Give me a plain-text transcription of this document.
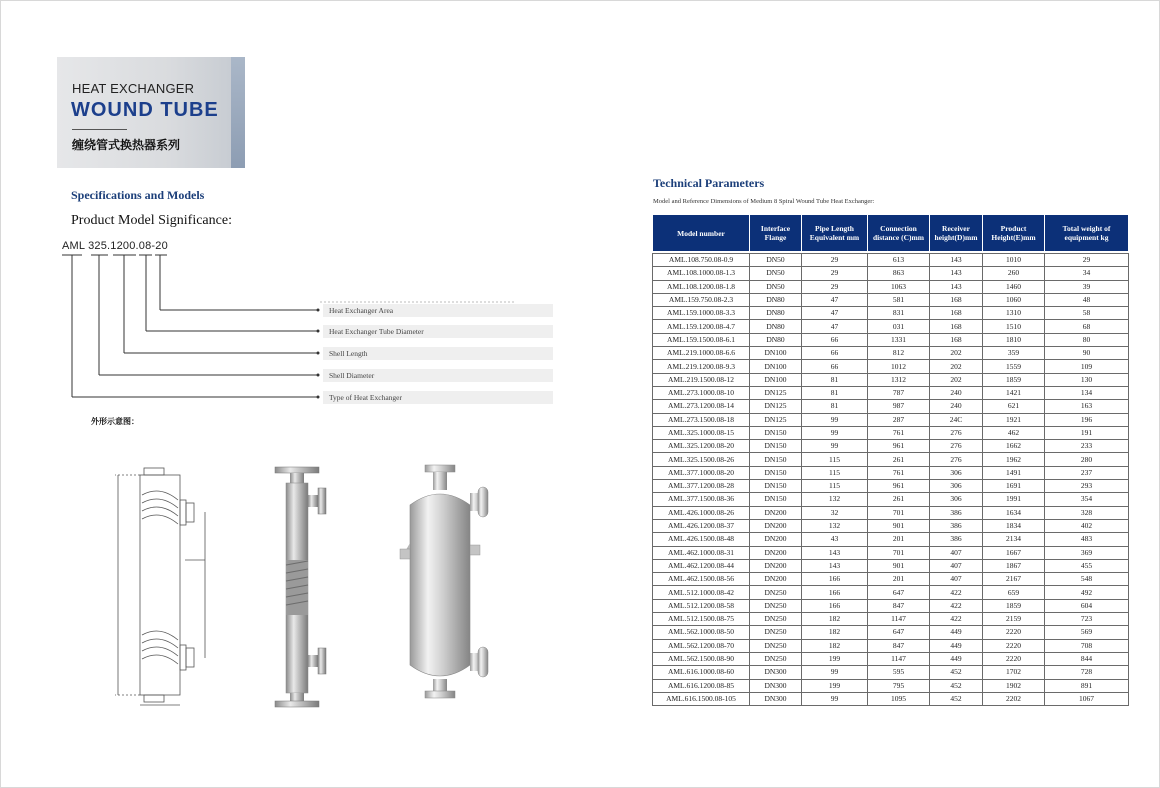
HEAT EXCHANGER
WOUND TUBE
缠绕管式换热器系列
Specifications and Models
Product Model Significance:
AML 325.1200.08-20
Heat Exchanger Area
Heat Exchanger Tube Diameter
Shell Length
Shell Diameter
Type of Heat Exchanger
外形示意图：
Technical Parameters
Model and Reference Dimensions of Medium 8 Spiral Wound Tube Heat Exchanger:
Model number	Interface Flange	Pipe Length Equivalent mm	Connection distance (C)mm	Receiver height(D)mm	Product Height(E)mm	Total weight of equipment kg

AML.108.750.08-0.9	DN50	29	613	143	1010	29
AML.108.1000.08-1.3	DN50	29	863	143	260	34
AML.108.1200.08-1.8	DN50	29	1063	143	1460	39
AML.159.750.08-2.3	DN80	47	581	168	1060	48
AML.159.1000.08-3.3	DN80	47	831	168	1310	58
AML.159.1200.08-4.7	DN80	47	031	168	1510	68
AML.159.1500.08-6.1	DN80	66	1331	168	1810	80
AML.219.1000.08-6.6	DN100	66	812	202	359	90
AML.219.1200.08-9.3	DN100	66	1012	202	1559	109
AML.219.1500.08-12	DN100	81	1312	202	1859	130
AML.273.1000.08-10	DN125	81	787	240	1421	134
AML.273.1200.08-14	DN125	81	987	240	621	163
AML.273.1500.08-18	DN125	99	287	24C	1921	196
AML.325.1000.08-15	DN150	99	761	276	462	191
AML.325.1200.08-20	DN150	99	961	276	1662	233
AML.325.1500.08-26	DN150	115	261	276	1962	280
AML.377.1000.08-20	DN150	115	761	306	1491	237
AML.377.1200.08-28	DN150	115	961	306	1691	293
AML.377.1500.08-36	DN150	132	261	306	1991	354
AML.426.1000.08-26	DN200	32	701	386	1634	328
AML.426.1200.08-37	DN200	132	901	386	1834	402
AML.426.1500.08-48	DN200	43	201	386	2134	483
AML.462.1000.08-31	DN200	143	701	407	1667	369
AML.462.1200.08-44	DN200	143	901	407	1867	455
AML.462.1500.08-56	DN200	166	201	407	2167	548
AML.512.1000.08-42	DN250	166	647	422	659	492
AML.512.1200.08-58	DN250	166	847	422	1859	604
AML.512.1500.08-75	DN250	182	1147	422	2159	723
AML.562.1000.08-50	DN250	182	647	449	2220	569
AML.562.1200.08-70	DN250	182	847	449	2220	708
AML.562.1500.08-90	DN250	199	1147	449	2220	844
AML.616.1000.08-60	DN300	99	595	452	1702	728
AML.616.1200.08-85	DN300	199	795	452	1902	891
AML.616.1500.08-105	DN300	99	1095	452	2202	1067
